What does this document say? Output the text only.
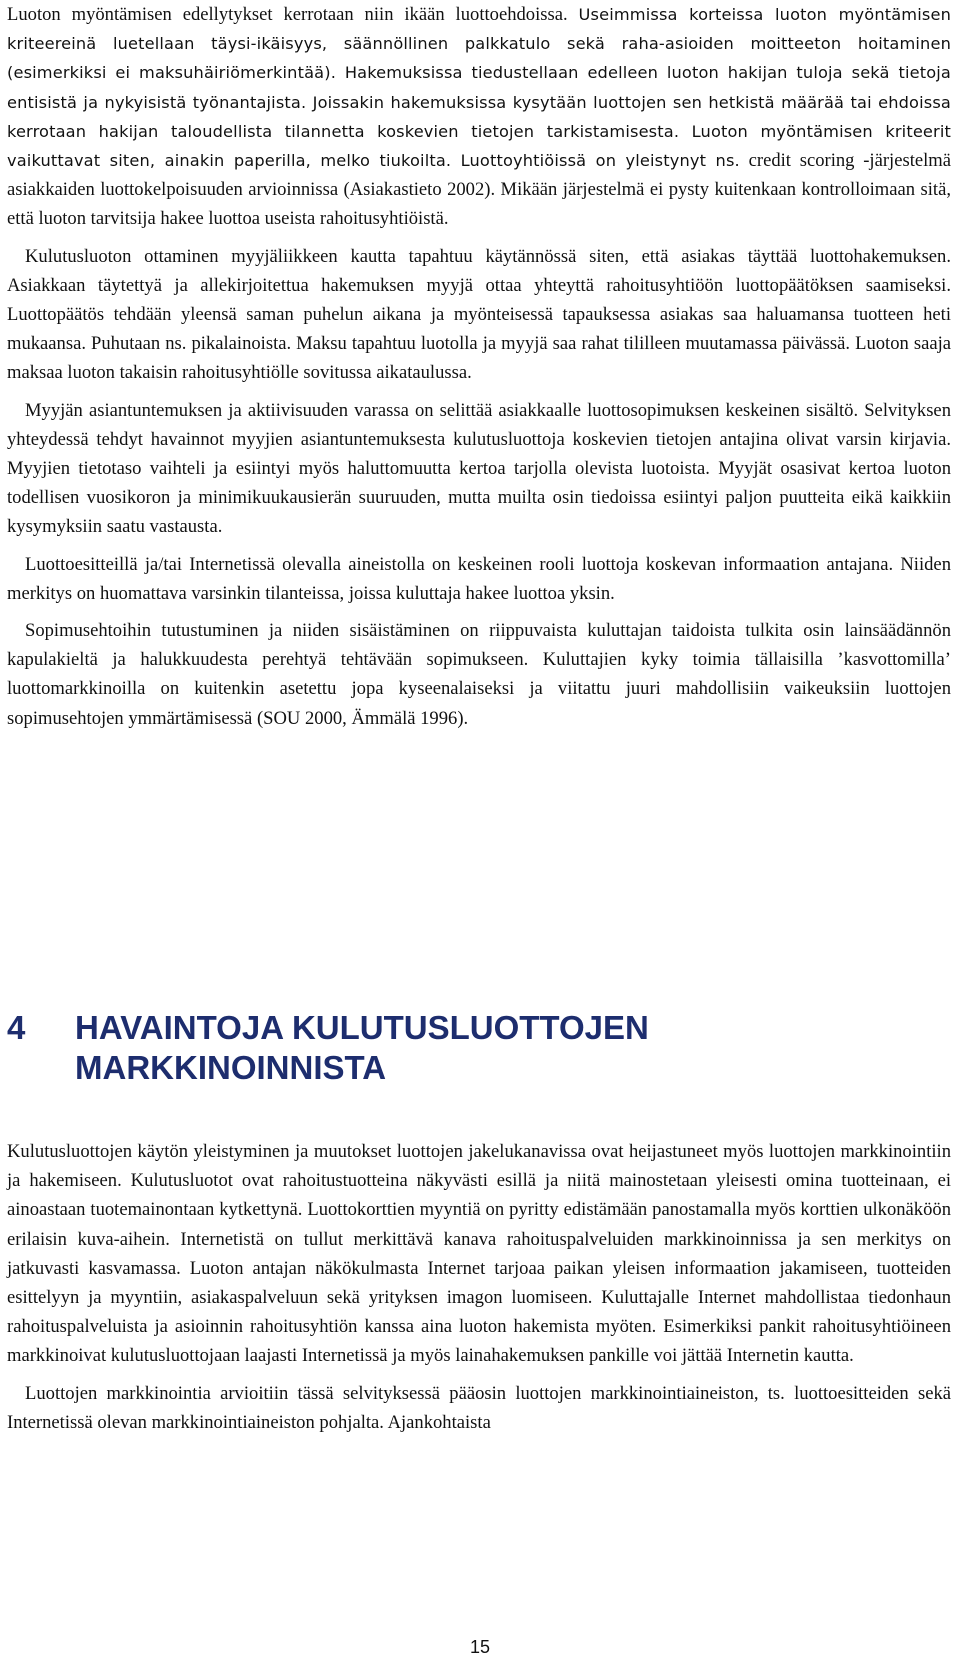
Luoton myöntämisen edellytykset kerrotaan niin ikään luottoehdoissa. Useimmissa korteissa luoton myöntämisen kriteereinä luetellaan täysi-ikäisyys, säännöllinen palkkatulo sekä raha-asioiden moitteeton hoitaminen (esimerkiksi ei maksuhäiriömerkintää). Hakemuksissa tiedustellaan edelleen luoton hakijan tuloja sekä tietoja entisistä ja nykyisistä työnantajista. Joissakin hakemuksissa kysytään luottojen sen hetkistä määrää tai ehdoissa kerrotaan hakijan taloudellista tilannetta koskevien tietojen tarkistamisesta. Luoton myöntämisen kriteerit vaikuttavat siten, ainakin paperilla, melko tiukoilta. Luottoyhtiöissä on yleistynyt ns. credit scoring -järjestelmä asiakkaiden luottokelpoisuuden arvioinnissa (Asiakastieto 2002). Mikään järjestelmä ei pysty kuitenkaan kontrolloimaan sitä, että luoton tarvitsija hakee luottoa useista rahoitusyhtiöistä.

Kulutusluoton ottaminen myyjäliikkeen kautta tapahtuu käytännössä siten, että asiakas täyttää luottohakemuksen. Asiakkaan täytettyä ja allekirjoitettua hakemuksen myyjä ottaa yhteyttä rahoitusyhtiöön luottopäätöksen saamiseksi. Luottopäätös tehdään yleensä saman puhelun aikana ja myönteisessä tapauksessa asiakas saa haluamansa tuotteen heti mukaansa. Puhutaan ns. pikalainoista. Maksu tapahtuu luotolla ja myyjä saa rahat tililleen muutamassa päivässä. Luoton saaja maksaa luoton takaisin rahoitusyhtiölle sovitussa aikataulussa.

Myyjän asiantuntemuksen ja aktiivisuuden varassa on selittää asiakkaalle luottosopimuksen keskeinen sisältö. Selvityksen yhteydessä tehdyt havainnot myyjien asiantuntemuksesta kulutusluottoja koskevien tietojen antajina olivat varsin kirjavia. Myyjien tietotaso vaihteli ja esiintyi myös haluttomuutta kertoa tarjolla olevista luotoista. Myyjät osasivat kertoa luoton todellisen vuosikoron ja minimikuukausierän suuruuden, mutta muilta osin tiedoissa esiintyi paljon puutteita eikä kaikkiin kysymyksiin saatu vastausta.

Luottoesitteillä ja/tai Internetissä olevalla aineistolla on keskeinen rooli luottoja koskevan informaation antajana. Niiden merkitys on huomattava varsinkin tilanteissa, joissa kuluttaja hakee luottoa yksin.

Sopimusehtoihin tutustuminen ja niiden sisäistäminen on riippuvaista kuluttajan taidoista tulkita osin lainsäädännön kapulakieltä ja halukkuudesta perehtyä tehtävään sopimukseen. Kuluttajien kyky toimia tällaisilla ’kasvottomilla’ luottomarkkinoilla on kuitenkin asetettu jopa kyseenalaiseksi ja viitattu juuri mahdollisiin vaikeuksiin luottojen sopimusehtojen ymmärtämisessä (SOU 2000, Ämmälä 1996).

4	HAVAINTOJA KULUTUSLUOTTOJEN
MARKKINOINNISTA

Kulutusluottojen käytön yleistyminen ja muutokset luottojen jakelukanavissa ovat heijastuneet myös luottojen markkinointiin ja hakemiseen. Kulutusluotot ovat rahoitustuotteina näkyvästi esillä ja niitä mainostetaan yleisesti omina tuotteinaan, ei ainoastaan tuotemainontaan kytkettynä. Luottokorttien myyntiä on pyritty edistämään panostamalla myös korttien ulkonäköön erilaisin kuva-aihein. Internetistä on tullut merkittävä kanava rahoituspalveluiden markkinoinnissa ja sen merkitys on jatkuvasti kasvamassa. Luoton antajan näkökulmasta Internet tarjoaa paikan yleisen informaation jakamiseen, tuotteiden esittelyyn ja myyntiin, asiakaspalveluun sekä yrityksen imagon luomiseen. Kuluttajalle Internet mahdollistaa tiedonhaun rahoituspalveluista ja asioinnin rahoitusyhtiön kanssa aina luoton hakemista myöten. Esimerkiksi pankit rahoitusyhtiöineen markkinoivat kulutusluottojaan laajasti Internetissä ja myös lainahakemuksen pankille voi jättää Internetin kautta.

Luottojen markkinointia arvioitiin tässä selvityksessä pääosin luottojen markkinointiaineiston, ts. luottoesitteiden sekä Internetissä olevan markkinointiaineiston pohjalta. Ajankohtaista

15
